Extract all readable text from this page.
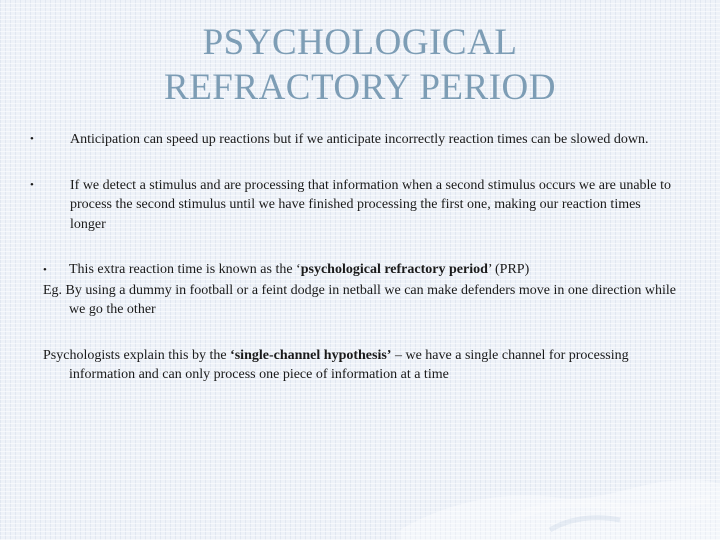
PSYCHOLOGICAL
REFRACTORY PERIOD
•	Anticipation can speed up reactions but if we anticipate incorrectly reaction times can be slowed down.
•	If we detect a stimulus and are processing that information when a second stimulus occurs we are unable to process the second stimulus until we have finished processing the first one, making our reaction times longer
• This extra reaction time is known as the ‘psychological refractory period’ (PRP)
Eg. By using a dummy in football or a feint dodge in netball we can make defenders move in one direction while we go the other
Psychologists explain this by the ‘single-channel hypothesis’ – we have a single channel for processing information and can only process one piece of information at a time
